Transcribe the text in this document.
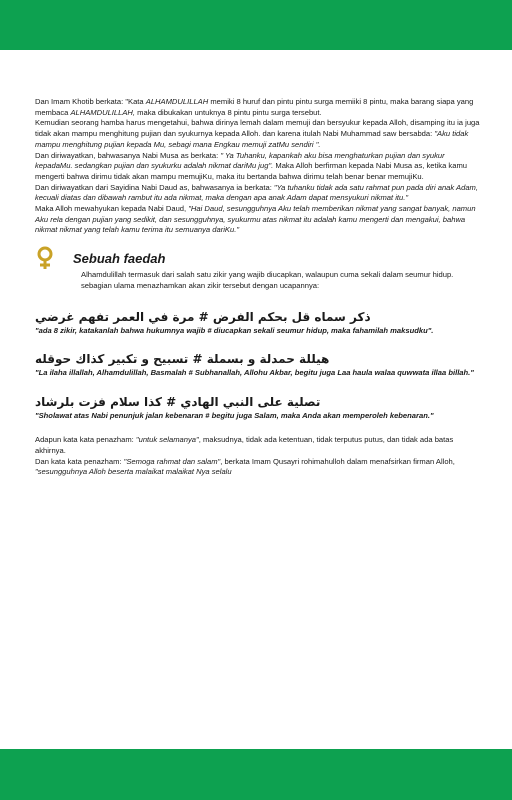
Dan Imam Khotib berkata: "Kata ALHAMDULILLAH memiki 8 huruf dan pintu pintu surga memiiki 8 pintu, maka barang siapa yang membaca ALHAMDULILLAH, maka dibukakan untuknya 8 pintu pintu surga tersebut.

Kemudian seorang hamba harus mengetahui, bahwa dirinya lemah dalam memuji dan bersyukur kepada Alloh, disamping itu ia juga tidak akan mampu menghitung pujian dan syukurnya kepada Alloh. dan karena itulah Nabi Muhammad saw bersabda: "Aku tidak mampu menghitung pujian kepada Mu, sebagi mana Engkau memuji zatMu sendiri ".

Dan diriwayatkan, bahwasanya Nabi Musa as berkata: " Ya Tuhanku, kapankah aku bisa menghaturkan pujian dan syukur kepadaMu. sedangkan pujian dan syukurku adalah nikmat dariMu jug". Maka Alloh berfirman kepada Nabi Musa as, ketika kamu mengerti bahwa dirimu tidak akan mampu memujiKu, maka itu bertanda bahwa dirimu telah benar benar memujiKu.

Dan diriwayatkan dari Sayidina Nabi Daud as, bahwasanya ia berkata: "Ya tuhanku tidak ada satu rahmat pun pada diri anak Adam, kecuali diatas dan dibawah rambut itu ada nikmat, maka dengan apa anak Adam dapat mensyukuri nikmat itu."

Maka Alloh mewahyukan kepada Nabi Daud, "Hai Daud, sesungguhnya Aku telah memberikan nikmat yang sangat banyak, namun Aku rela dengan pujian yang sedikit, dan sesungguhnya, syukurmu atas nikmat itu adalah kamu mengerti dan mengakui, bahwa nikmat nikmat yang telah kamu terima itu semuanya dariKu."

Sebuah faedah

Alhamdulillah termasuk dari salah satu zikir yang wajib diucapkan, walaupun cuma sekali dalam seumur hidup. sebagian ulama menazhamkan akan zikir tersebut dengan ucapannya:

ذكر سماه قل بحكم الفرض # مرة في العمر تفهم غرضي

"ada 8 zikir, katakanlah bahwa hukumnya wajib # diucapkan sekali seumur hidup, maka fahamilah maksudku".

هيللة حمدلة و بسملة # تسبيح و تكبير كذاك حوقله

"La ilaha illallah, Alhamdulillah, Basmalah # Subhanallah, Allohu Akbar, begitu juga Laa haula walaa quwwata illaa billah."

تصلية على النبي الهادي # كذا سلام فزت بلرشاد

"Sholawat atas Nabi penunjuk jalan kebenaran # begitu juga Salam, maka Anda akan memperoleh kebenaran."

Adapun kata kata penazham: "untuk selamanya", maksudnya, tidak ada ketentuan, tidak terputus putus, dan tidak ada batas akhirnya.

Dan kata kata penazham: "Semoga rahmat dan salam", berkata Imam Qusayri rohimahulloh dalam menafsirkan firman Alloh, "sesungguhnya Alloh beserta malaikat malaikat Nya selalu
